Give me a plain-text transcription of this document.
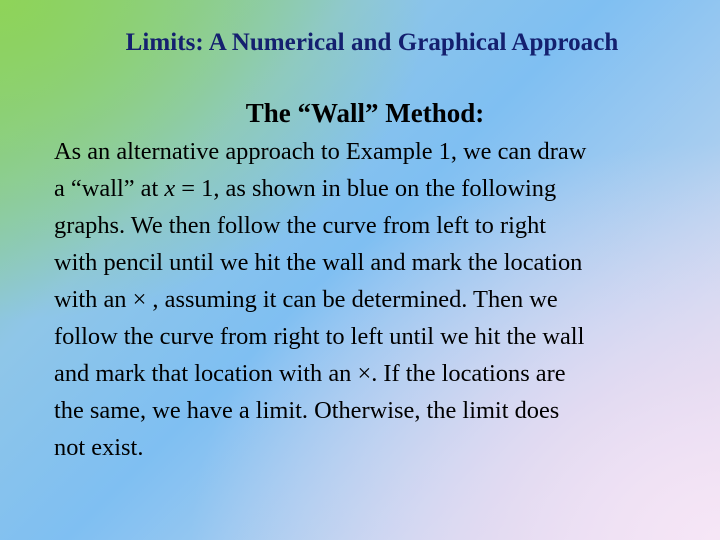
Limits: A Numerical and Graphical Approach
The “Wall” Method:
As an alternative approach to Example 1, we can draw
a “wall” at x = 1, as shown in blue on the following
graphs. We then follow the curve from left to right
with pencil until we hit the wall and mark the location
with an × , assuming it can be determined. Then we
follow the curve from right to left until we hit the wall
and mark that location with an ×. If the locations are
the same, we have a limit. Otherwise, the limit does
not exist.
